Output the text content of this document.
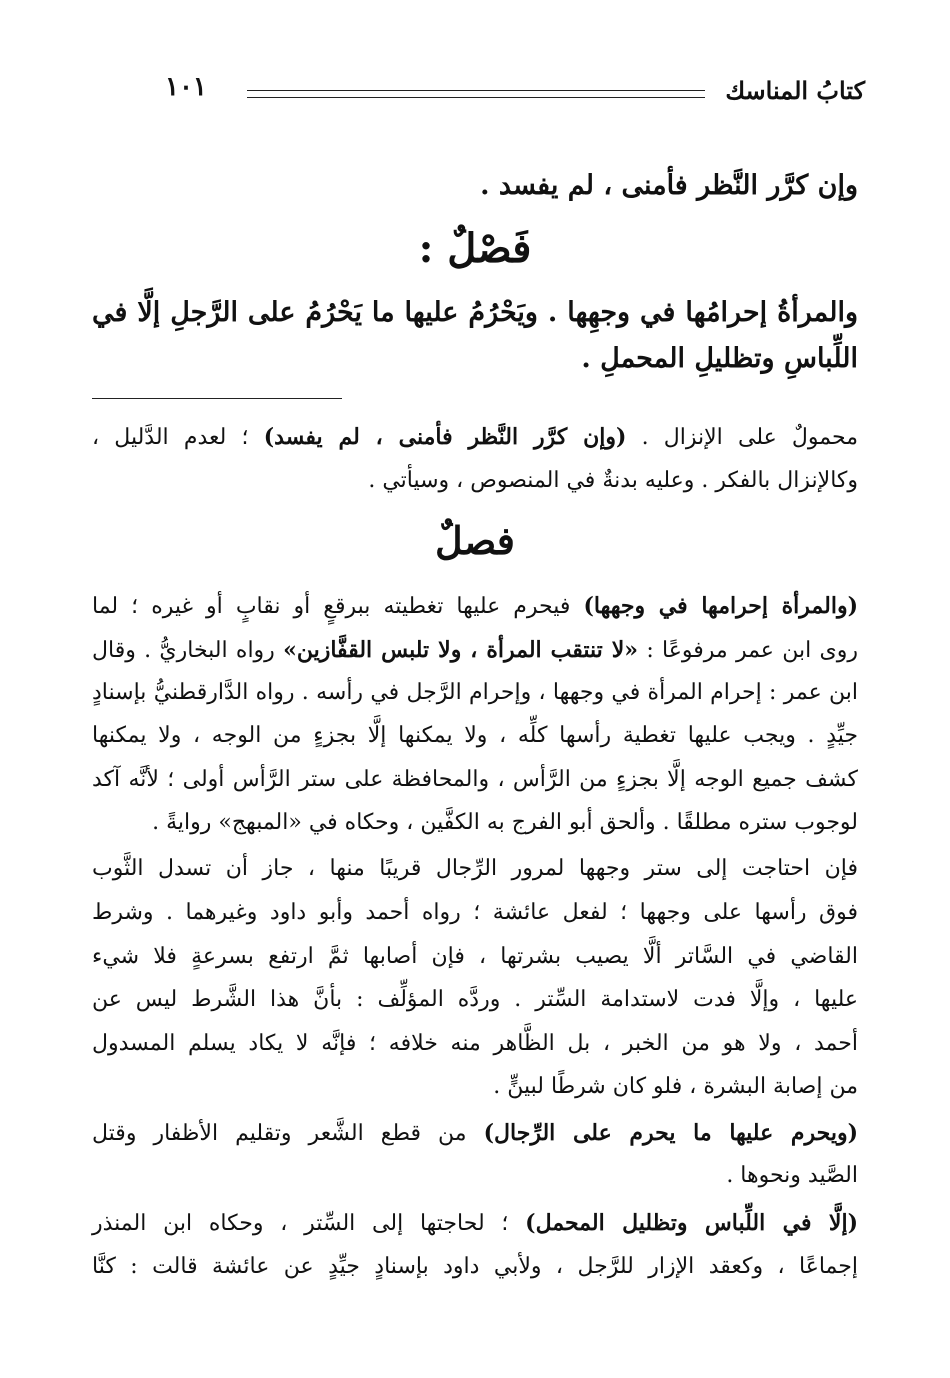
كتابُ المناسك
١٠١
وإن كرَّر النَّظر فأمنى ، لم يفسد .
فَصْلٌ :
والمرأةُ إحرامُها في وجهِها . ويَحْرُمُ عليها ما يَحْرُمُ على الرَّجلِ إلَّا في
اللِّباسِ وتظليلِ المحملِ .
محمولٌ على الإنزال . (وإن كرَّر النَّظر فأمنى ، لم يفسد) ؛ لعدم الدَّليل ،
وكالإنزال بالفكر . وعليه بدنةٌ في المنصوص ، وسيأتي .
فصلٌ
(والمرأة إحرامها في وجهها) فيحرم عليها تغطيته ببرقعٍ أو نقابٍ أو غيره ؛ لما
روى ابن عمر مرفوعًا : «لا تنتقب المرأة ، ولا تلبس القفَّازين» رواه البخاريُّ . وقال
ابن عمر : إحرام المرأة في وجهها ، وإحرام الرَّجل في رأسه . رواه الدَّارقطنيُّ بإسنادٍ
جيِّدٍ . ويجب عليها تغطية رأسها كلِّه ، ولا يمكنها إلَّا بجزءٍ من الوجه ، ولا يمكنها
كشف جميع الوجه إلَّا بجزءٍ من الرَّأس ، والمحافظة على ستر الرَّأس أولى ؛ لأنَّه آكد
لوجوب ستره مطلقًا . وألحق أبو الفرج به الكفَّين ، وحكاه في «المبهج» روايةً .
فإن احتاجت إلى ستر وجهها لمرور الرِّجال قريبًا منها ، جاز أن تسدل الثَّوب
فوق رأسها على وجهها ؛ لفعل عائشة ؛ رواه أحمد وأبو داود وغيرهما . وشرط
القاضي في السَّاتر ألَّا يصيب بشرتها ، فإن أصابها ثمَّ ارتفع بسرعةٍ فلا شيء
عليها ، وإلَّا فدت لاستدامة السِّتر . وردَّه المؤلِّف : بأنَّ هذا الشَّرط ليس عن
أحمد ، ولا هو من الخبر ، بل الظَّاهر منه خلافه ؛ فإنَّه لا يكاد يسلم المسدول
من إصابة البشرة ، فلو كان شرطًا لبينٍّ .
(ويحرم عليها ما يحرم على الرِّجال) من قطع الشَّعر وتقليم الأظفار وقتل
الصَّيد ونحوها .
(إلَّا في اللِّباس وتظليل المحمل) ؛ لحاجتها إلى السِّتر ، وحكاه ابن المنذر
إجماعًا ، وكعقد الإزار للرَّجل ، ولأبي داود بإسنادٍ جيِّدٍ عن عائشة قالت : كنَّا
